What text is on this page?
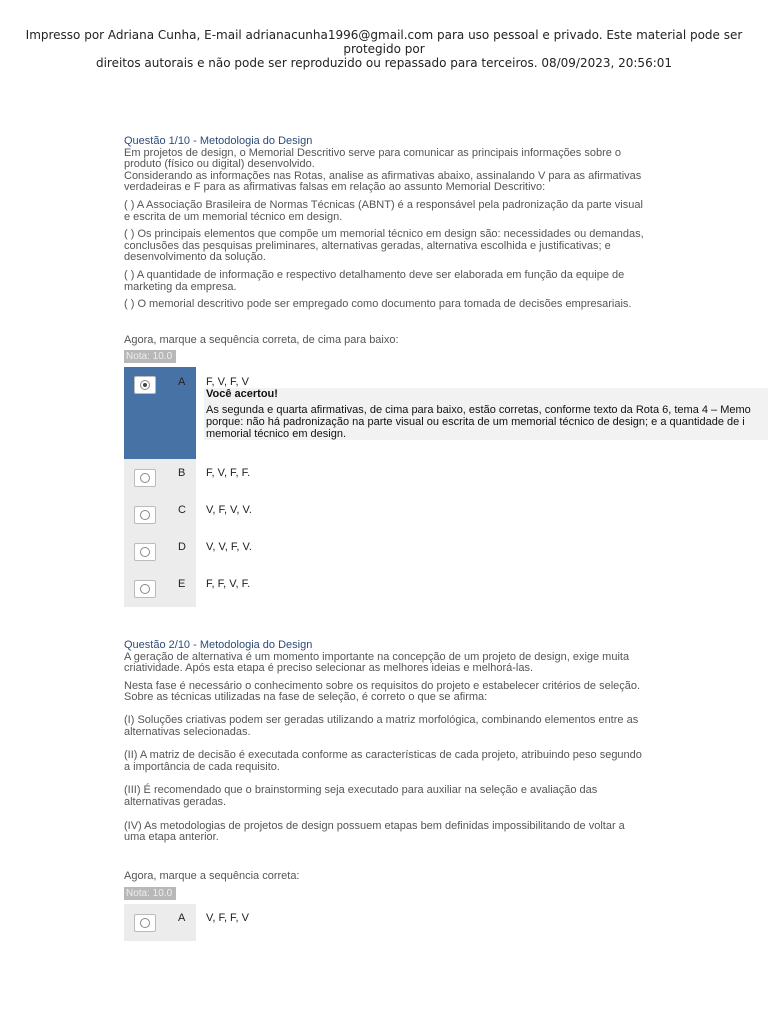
Impresso por Adriana Cunha, E-mail adrianacunha1996@gmail.com para uso pessoal e privado. Este material pode ser protegido por
direitos autorais e não pode ser reproduzido ou repassado para terceiros. 08/09/2023, 20:56:01
Questão 1/10 - Metodologia do Design

Em projetos de design, o Memorial Descritivo serve para comunicar as principais informações sobre o produto (físico ou digital) desenvolvido.

Considerando as informações nas Rotas, analise as afirmativas abaixo, assinalando V para as afirmativas verdadeiras e F para as afirmativas falsas em relação ao assunto Memorial Descritivo:

( ) A Associação Brasileira de Normas Técnicas (ABNT) é a responsável pela padronização da parte visual e escrita de um memorial técnico em design.

( ) Os principais elementos que compõe um memorial técnico em design são: necessidades ou demandas, conclusões das pesquisas preliminares, alternativas geradas, alternativa escolhida e justificativas; e desenvolvimento da solução.

( ) A quantidade de informação e respectivo detalhamento deve ser elaborada em função da equipe de marketing da empresa.

( ) O memorial descritivo pode ser empregado como documento para tomada de decisões empresariais.

Agora, marque a sequência correta, de cima para baixo:
Nota: 10.0
A F, V, F, V
Você acertou!
As segunda e quarta afirmativas, de cima para baixo, estão corretas, conforme texto da Rota 6, tema 4 – Memo
porque: não há padronização na parte visual ou escrita de um memorial técnico de design; e a quantidade de i
memorial técnico em design.
B F, V, F, F.
C V, F, V, V.
D V, V, F, V.
E F, F, V, F.
Questão 2/10 - Metodologia do Design

A geração de alternativa é um momento importante na concepção de um projeto de design, exige muita criatividade. Após esta etapa é preciso selecionar as melhores ideias e melhorá-las.

Nesta fase é necessário o conhecimento sobre os requisitos do projeto e estabelecer critérios de seleção. Sobre as técnicas utilizadas na fase de seleção, é correto o que se afirma:

(I) Soluções criativas podem ser geradas utilizando a matriz morfológica, combinando elementos entre as alternativas selecionadas.

(II) A matriz de decisão é executada conforme as características de cada projeto, atribuindo peso segundo a importância de cada requisito.

(III) É recomendado que o brainstorming seja executado para auxiliar na seleção e avaliação das alternativas geradas.

(IV) As metodologias de projetos de design possuem etapas bem definidas impossibilitando de voltar a uma etapa anterior.

Agora, marque a sequência correta:
Nota: 10.0
A V, F, F, V
